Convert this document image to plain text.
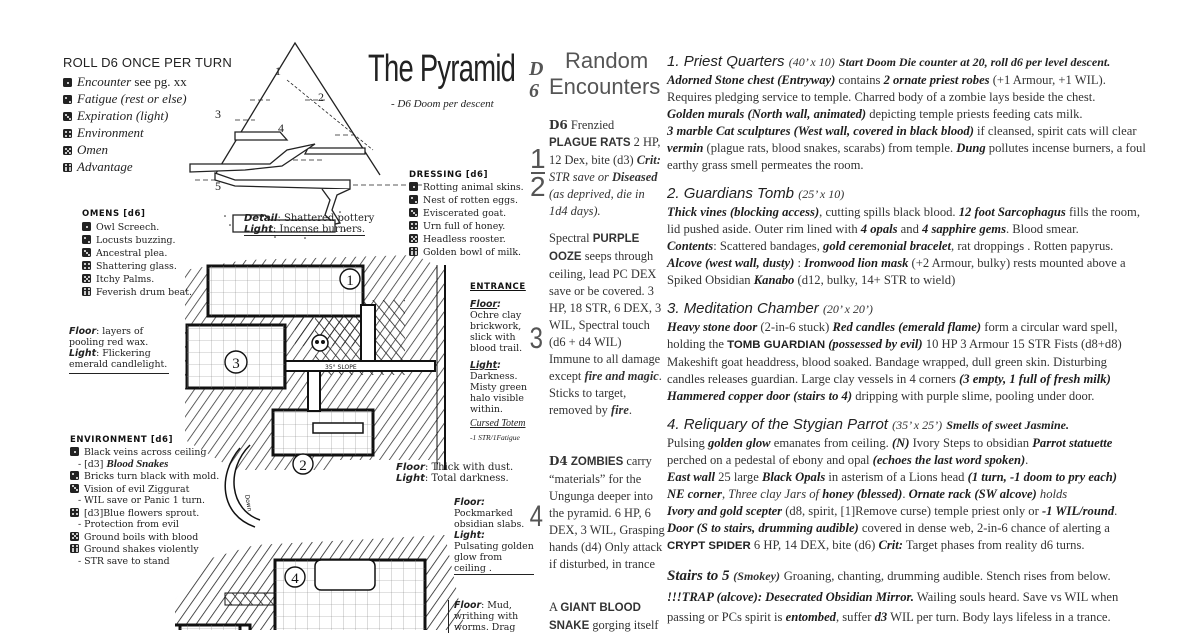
ROLL D6 ONCE PER TURN
Encounter see pg. xx
Fatigue (rest or else)
Expiration (light)
Environment
Omen
Advantage
1
2
3
4
5
1
3
2
35° SLOPE
4
Down
The Pyramid
- D6 Doom per descent
OMENS [d6]
Owl Screech.
Locusts buzzing.
Ancestral plea.
Shattering glass.
Itchy Palms.
Feverish drum beat.
DRESSING [d6]
Rotting animal skins.
Nest of rotten eggs.
Eviscerated goat.
Urn full of honey.
Headless rooster.
Golden bowl of milk.
Detail: Shattered pottery
Light: Incense burners.
Floor: layers of pooling red wax.
Light: Flickering emerald candlelight.
ENTRANCE
Floor:
Ochre clay brickwork, slick with blood trail.
Light:
Darkness. Misty green halo visible within.
Cursed Totem
-1 STR/1Fatigue
ENVIRONMENT [d6]
Black veins across ceiling
- [d3] Blood Snakes
Bricks turn black with mold.
Vision of evil Ziggurat
- WIL save or Panic 1 turn.
[d3]Blue flowers sprout.
- Protection from evil
Ground boils with blood
Ground shakes violently
- STR save to stand
Floor: Thick with dust.
Light: Total darkness.
Floor:
Pockmarked obsidian slabs.
Light:
Pulsating golden glow from ceiling .
Floor: Mud, writhing with worms. Drag
D
6
Random
Encounters
1
2
D6 Frenzied PLAGUE RATS 2 HP, 12 Dex, bite (d3) Crit: STR save or Diseased (as deprived, die in 1d4 days).
3
Spectral PURPLE OOZE seeps through ceiling, lead PC DEX save or be covered. 3 HP, 18 STR, 6 DEX, 3 WIL, Spectral touch (d6 + d4 WIL) Immune to all damage except fire and magic. Sticks to target, removed by fire.
4
D4 ZOMBIES carry “materials” for the Ungunga deeper into the pyramid. 6 HP, 6 DEX, 3 WIL, Grasping hands (d4) Only attack if disturbed, in trance
A GIANT BLOOD SNAKE gorging itself
1. Priest Quarters (40’ x 10) Start Doom Die counter at 20, roll d6 per level descent.

Adorned Stone chest (Entryway) contains 2 ornate priest robes (+1 Armour, +1 WIL).
Requires pledging service to temple. Charred body of a zombie lays beside the chest.
Golden murals (North wall, animated) depicting temple priests feeding cats milk.
3 marble Cat sculptures (West wall, covered in black blood) if cleansed, spirit cats will clear vermin (plague rats, blood snakes, scarabs) from temple. Dung pollutes incense burners, a foul earthy grass smell permeates the room.

2. Guardians Tomb (25’ x 10)

Thick vines (blocking access), cutting spills black blood. 12 foot Sarcophagus fills the room, lid pushed aside. Outer rim lined with 4 opals and 4 sapphire gems. Blood smear.
Contents: Scattered bandages, gold ceremonial bracelet, rat droppings . Rotten papyrus.
Alcove (west wall, dusty) : Ironwood lion mask (+2 Armour, bulky) rests mounted above a Spiked Obsidian Kanabo (d12, bulky, 14+ STR to wield)

3. Meditation Chamber (20’ x 20’)

Heavy stone door (2-in-6 stuck) Red candles (emerald flame) form a circular ward spell, holding the TOMB GUARDIAN (possessed by evil) 10 HP 3 Armour 15 STR Fists (d8+d8) Makeshift goat headdress, blood soaked. Bandage wrapped, dull green skin. Disturbing candles releases guardian. Large clay vessels in 4 corners (3 empty, 1 full of fresh milk)
Hammered copper door (stairs to 4) dripping with purple slime, pooling under door.

4. Reliquary of the Stygian Parrot (35’ x 25’) Smells of sweet Jasmine.

Pulsing golden glow emanates from ceiling. (N) Ivory Steps to obsidian Parrot statuette perched on a pedestal of ebony and opal (echoes the last word spoken).
East wall 25 large Black Opals in asterism of a Lions head (1 turn, -1 doom to pry each)
NE corner, Three clay Jars of honey (blessed). Ornate rack (SW alcove) holds
Ivory and gold scepter (d8, spirit, [1]Remove curse) temple priest only or -1 WIL/round.
Door (S to stairs, drumming audible) covered in dense web, 2-in-6 chance of alerting a CRYPT SPIDER 6 HP, 14 DEX, bite (d6) Crit: Target phases from reality d6 turns.

Stairs to 5 (Smokey) Groaning, chanting, drumming audible. Stench rises from below.
!!!TRAP (alcove): Desecrated Obsidian Mirror. Wailing souls heard. Save vs WIL when passing or PCs spirit is entombed, suffer d3 WIL per turn. Body lays lifeless in a trance.
